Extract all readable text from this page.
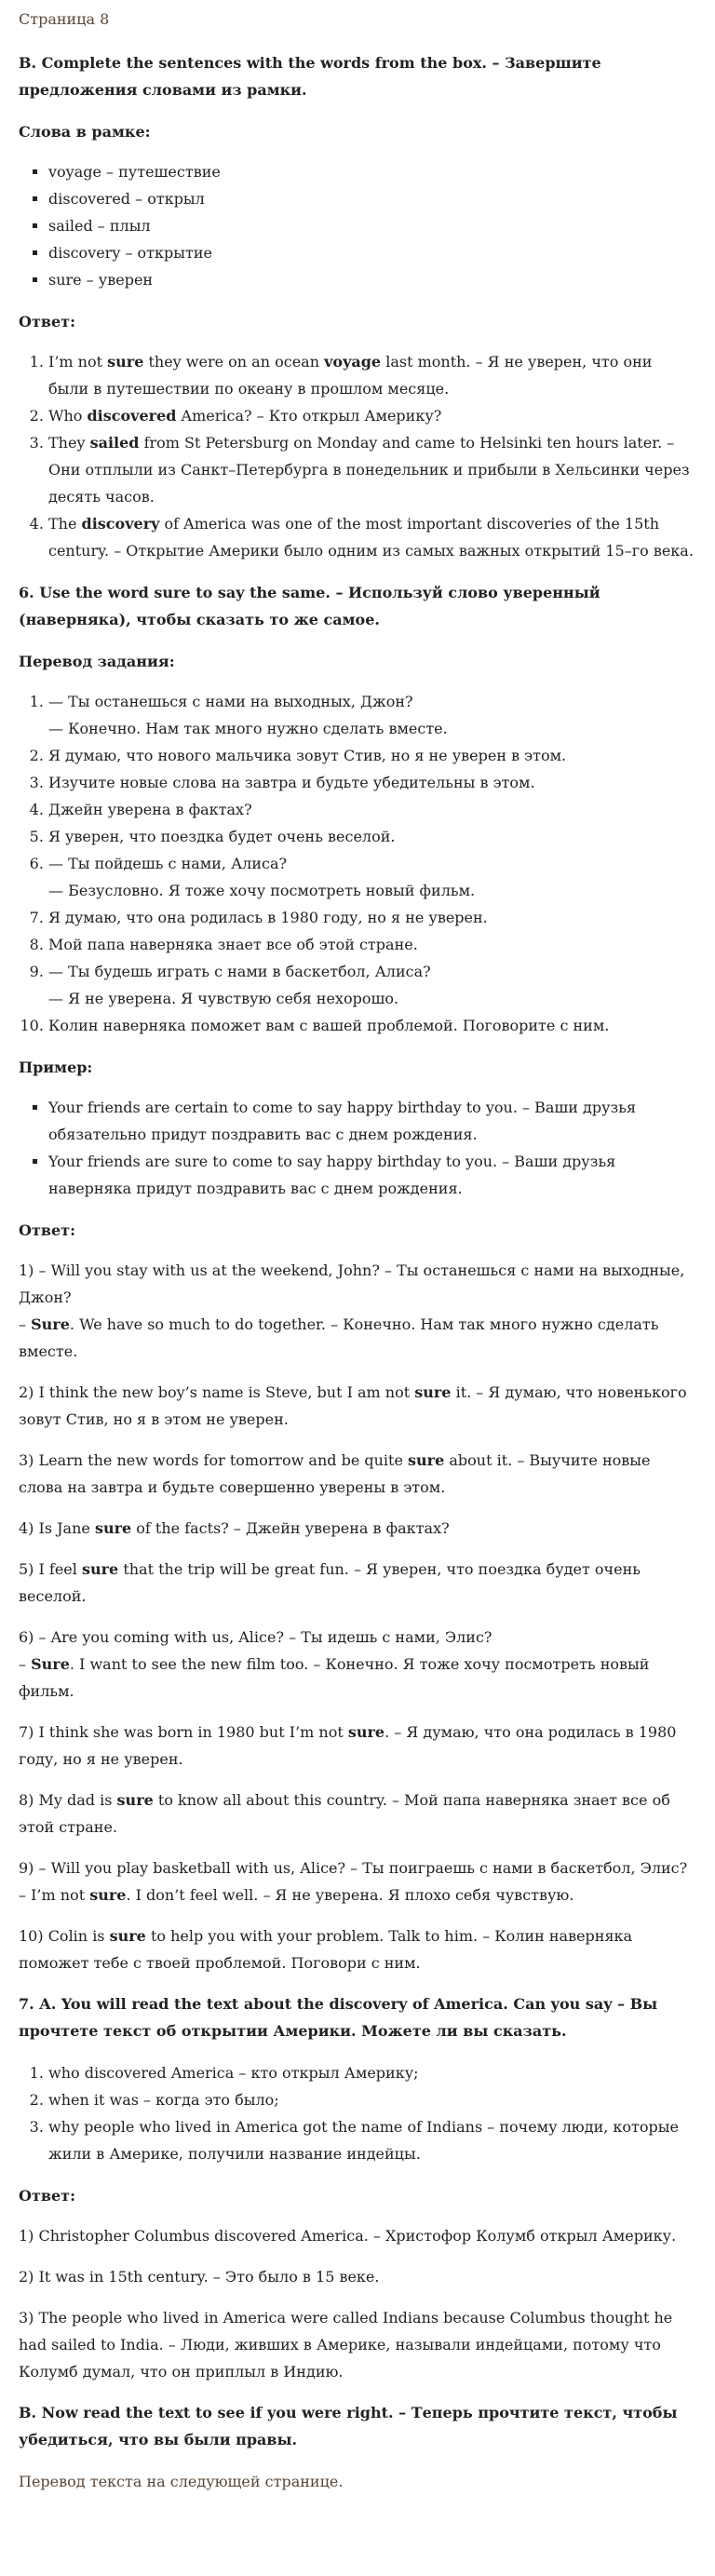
Страница 8
B. Complete the sentences with the words from the box. – Завершите предложения словами из рамки.
Слова в рамке:
▪ voyage – путешествие
▪ discovered – открыл
▪ sailed – плыл
▪ discovery – открытие
▪ sure – уверен
Ответ:
1. I’m not sure they were on an ocean voyage last month. – Я не уверен, что они были в путешествии по океану в прошлом месяце.
2. Who discovered America? – Кто открыл Америку?
3. They sailed from St Petersburg on Monday and came to Helsinki ten hours later. – Они отплыли из Санкт–Петербурга в понедельник и прибыли в Хельсинки через десять часов.
4. The discovery of America was one of the most important discoveries of the 15th century. – Открытие Америки было одним из самых важных открытий 15–го века.
6. Use the word sure to say the same. – Используй слово уверенный (наверняка), чтобы сказать то же самое.
Перевод задания:
1. — Ты останешься с нами на выходных, Джон?
— Конечно. Нам так много нужно сделать вместе.
2. Я думаю, что нового мальчика зовут Стив, но я не уверен в этом.
3. Изучите новые слова на завтра и будьте убедительны в этом.
4. Джейн уверена в фактах?
5. Я уверен, что поездка будет очень веселой.
6. — Ты пойдешь с нами, Алиса?
— Безусловно. Я тоже хочу посмотреть новый фильм.
7. Я думаю, что она родилась в 1980 году, но я не уверен.
8. Мой папа наверняка знает все об этой стране.
9. — Ты будешь играть с нами в баскетбол, Алиса?
— Я не уверена. Я чувствую себя нехорошо.
10. Колин наверняка поможет вам с вашей проблемой. Поговорите с ним.
Пример:
▪ Your friends are certain to come to say happy birthday to you. – Ваши друзья обязательно придут поздравить вас с днем рождения.
▪ Your friends are sure to come to say happy birthday to you. – Ваши друзья наверняка придут поздравить вас с днем рождения.
Ответ:

1) – Will you stay with us at the weekend, John? – Ты останешься с нами на выходные, Джон?
– Sure. We have so much to do together. – Конечно. Нам так много нужно сделать вместе.

2) I think the new boy’s name is Steve, but I am not sure it. – Я думаю, что новенького зовут Стив, но я в этом не уверен.

3) Learn the new words for tomorrow and be quite sure about it. – Выучите новые слова на завтра и будьте совершенно уверены в этом.

4) Is Jane sure of the facts? – Джейн уверена в фактах?

5) I feel sure that the trip will be great fun. – Я уверен, что поездка будет очень веселой.

6) – Are you coming with us, Alice? – Ты идешь с нами, Элис?
– Sure. I want to see the new film too. – Конечно. Я тоже хочу посмотреть новый фильм.

7) I think she was born in 1980 but I’m not sure. – Я думаю, что она родилась в 1980 году, но я не уверен.

8) My dad is sure to know all about this country. – Мой папа наверняка знает все об этой стране.

9) – Will you play basketball with us, Alice? – Ты поиграешь с нами в баскетбол, Элис?
– I’m not sure. I don’t feel well. – Я не уверена. Я плохо себя чувствую.

10) Colin is sure to help you with your problem. Talk to him. – Колин наверняка поможет тебе с твоей проблемой. Поговори с ним.

7. A. You will read the text about the discovery of America. Can you say – Вы прочтете текст об открытии Америки. Можете ли вы сказать.
1. who discovered America – кто открыл Америку;
2. when it was – когда это было;
3. why people who lived in America got the name of Indians – почему люди, которые жили в Америке, получили название индейцы.
Ответ:

1) Christopher Columbus discovered America. – Христофор Колумб открыл Америку.

2) It was in 15th century. – Это было в 15 веке.

3) The people who lived in America were called Indians because Columbus thought he had sailed to India. – Люди, живших в Америке, называли индейцами, потому что Колумб думал, что он приплыл в Индию.

B. Now read the text to see if you were right. – Теперь прочтите текст, чтобы убедиться, что вы были правы.

Перевод текста на следующей странице.
